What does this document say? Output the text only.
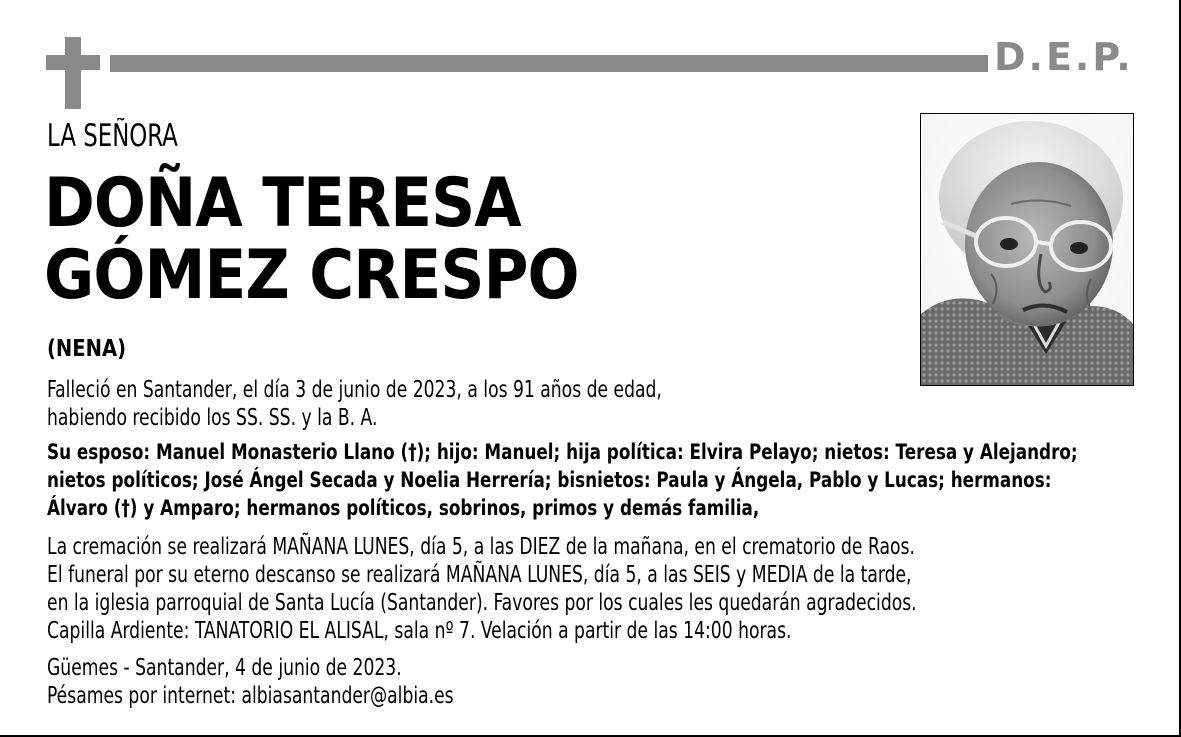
D.E.P.
LA SEÑORA
DOÑA TERESA
GÓMEZ CRESPO
(NENA)
Falleció en Santander, el día 3 de junio de 2023, a los 91 años de edad,
habiendo recibido los SS. SS. y la B. A.
Su esposo: Manuel Monasterio Llano (†); hijo: Manuel; hija política: Elvira Pelayo; nietos: Teresa y Alejandro;
nietos políticos; José Ángel Secada y Noelia Herrería; bisnietos: Paula y Ángela, Pablo y Lucas; hermanos:
Álvaro (†) y Amparo; hermanos políticos, sobrinos, primos y demás familia,
La cremación se realizará MAÑANA LUNES, día 5, a las DIEZ de la mañana, en el crematorio de Raos.
El funeral por su eterno descanso se realizará MAÑANA LUNES, día 5, a las SEIS y MEDIA de la tarde,
en la iglesia parroquial de Santa Lucía (Santander). Favores por los cuales les quedarán agradecidos.
Capilla Ardiente: TANATORIO EL ALISAL, sala nº 7. Velación a partir de las 14:00 horas.
Güemes - Santander, 4 de junio de 2023.
Pésames por internet: albiasantander@albia.es
